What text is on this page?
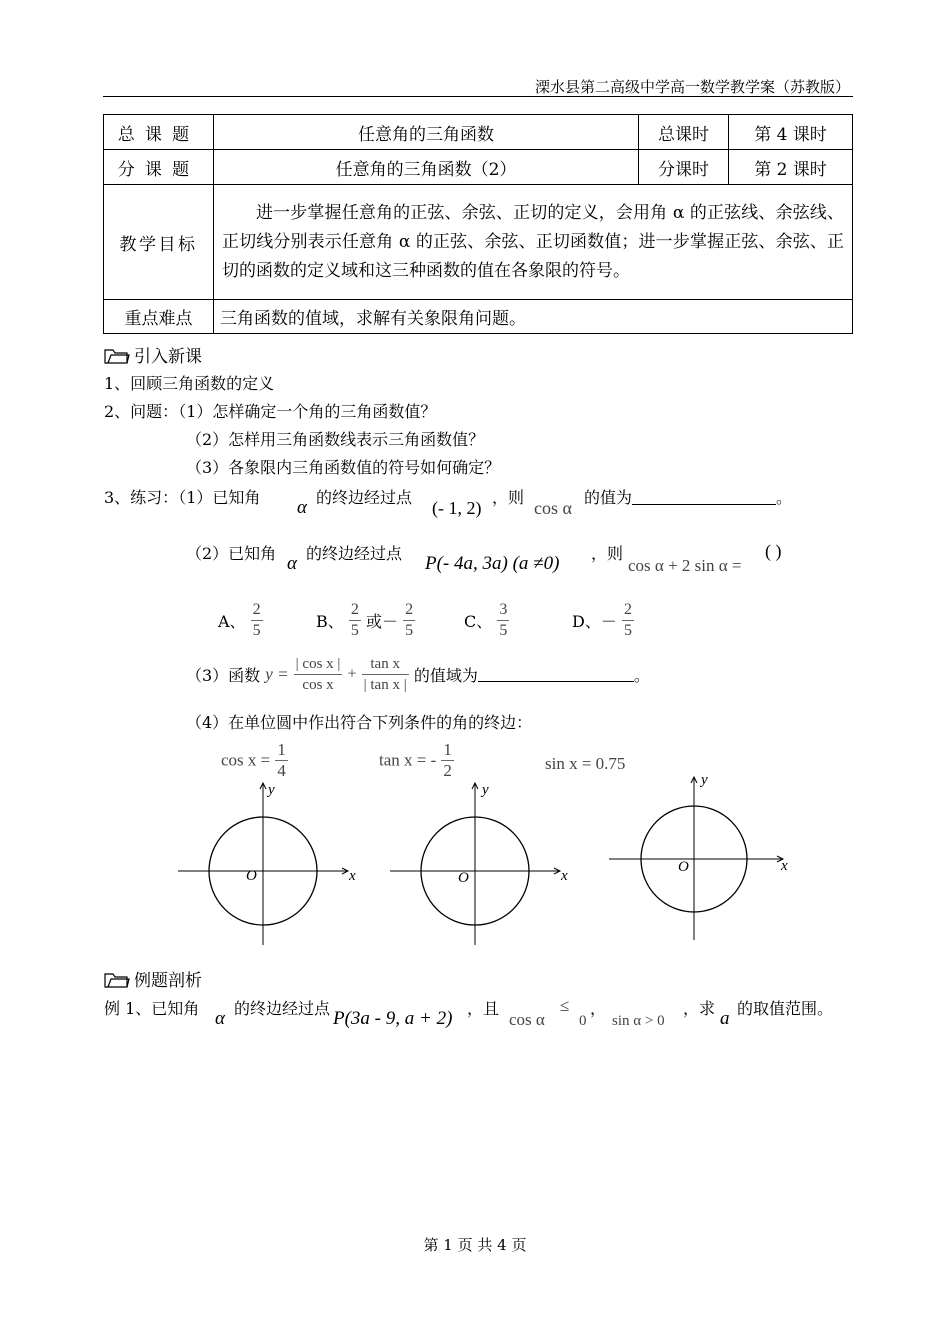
溧水县第二高级中学高一数学教学案（苏教版）
总课题	任意角的三角函数	总课时	第 4 课时
分课题	任意角的三角函数（2）	分课时	第 2 课时
教学目标	进一步掌握任意角的正弦、余弦、正切的定义，会用角 α 的正弦线、余弦线、正切线分别表示任意角 α 的正弦、余弦、正切函数值；进一步掌握正弦、余弦、正切的函数的定义域和这三种函数的值在各象限的符号。		
重点难点	三角函数的值域，求解有关象限角问题。		
引入新课
1、回顾三角函数的定义
2、问题：（1）怎样确定一个角的三角函数值？
（2）怎样用三角函数线表示三角函数值？
（3）各象限内三角函数值的符号如何确定？
3、练习：（1）已知角 α 的终边经过点
(- 1, 2)
，则
cos α
的值为	。
（2）已知角 α 的终边经过点 P(- 4a, 3a) (a ≠0) ，则
cos α + 2 sin α =
( )
A、 $\frac{2}{5}$	B、 $\frac{2}{5}$ 或－ $\frac{2}{5}$	C、 $\frac{3}{5}$	D、－ $\frac{2}{5}$
（3）函数 $y = \frac{\text{| cos x |}}{\text{cos x}} + \frac{\text{tan x}}{\text{| tan x |}}$ 的值域为	。
（4）在单位圆中作出符合下列条件的角的终边：
$\cos x = \frac{1}{4}$	tan x = - $\frac{1}{2}$	sin x = 0.75
x
y
O	x
y
O
x
y
O
例题剖析
例 1、已知角 α 的终边经过点 P(3a - 9, a + 2) ，且
cos α
≤
0
，
sin α > 0
，求 a 的取值范围。
第 1 页 共 4 页
